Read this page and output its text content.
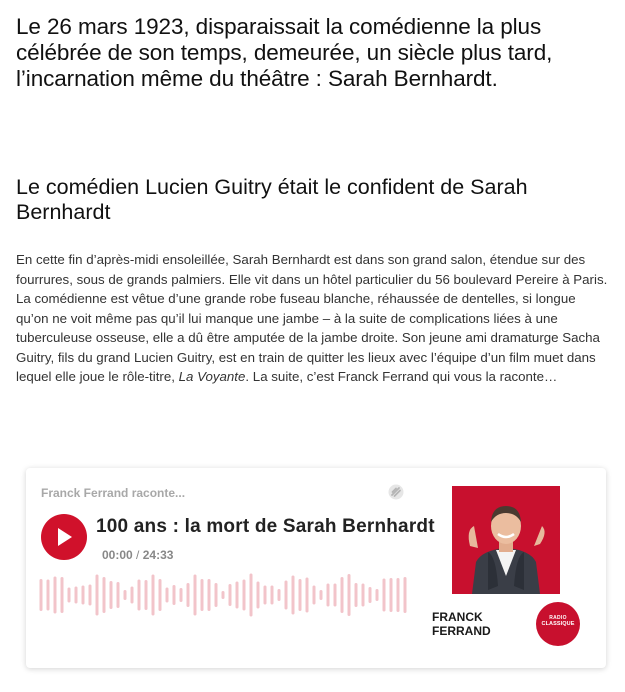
Le 26 mars 1923, disparaissait la comédienne la plus célébrée de son temps, demeurée, un siècle plus tard, l’incarnation même du théâtre : Sarah Bernhardt.

Le comédien Lucien Guitry était le confident de Sarah Bernhardt

En cette fin d’après-midi ensoleillée, Sarah Bernhardt est dans son grand salon, étendue sur des fourrures, sous de grands palmiers. Elle vit dans un hôtel particulier du 56 boulevard Pereire à Paris. La comédienne est vêtue d’une grande robe fuseau blanche, réhaussée de dentelles, si longue qu’on ne voit même pas qu’il lui manque une jambe – à la suite de complications liées à une tuberculeuse osseuse, elle a dû être amputée de la jambe droite. Son jeune ami dramaturge Sacha Guitry, fils du grand Lucien Guitry, est en train de quitter les lieux avec l’équipe d’un film muet dans lequel elle joue le rôle-titre, La Voyante. La suite, c’est Franck Ferrand qui vous la raconte…

Franck Ferrand raconte...
100 ans : la mort de Sarah Bernhardt
00:00 / 24:33
FRANCK
FERRAND
RADIO
CLASSIQUE
